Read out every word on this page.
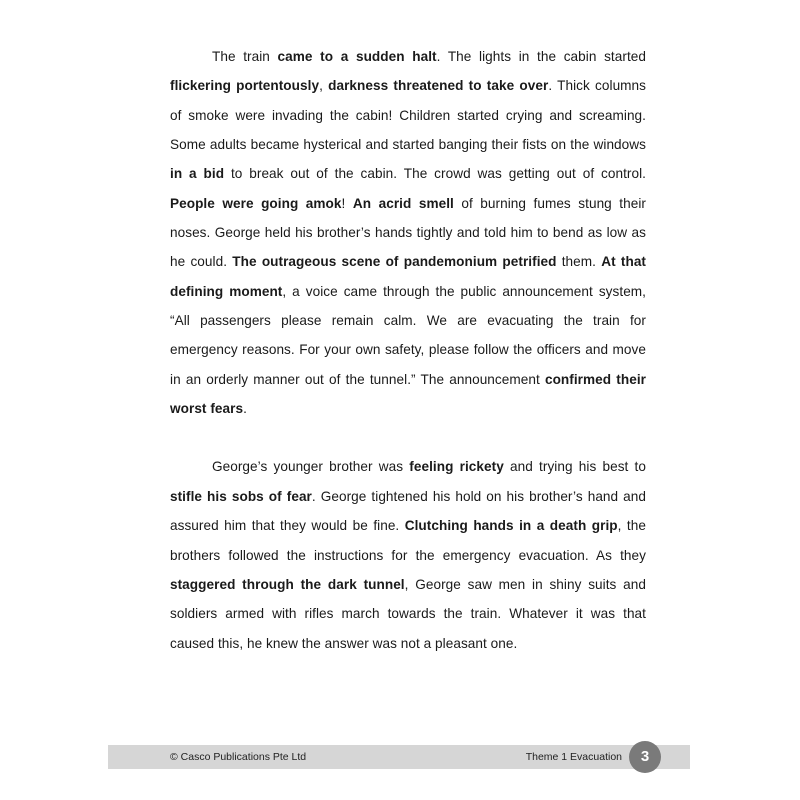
The train came to a sudden halt. The lights in the cabin started flickering portentously, darkness threatened to take over. Thick columns of smoke were invading the cabin! Children started crying and screaming. Some adults became hysterical and started banging their fists on the windows in a bid to break out of the cabin. The crowd was getting out of control. People were going amok! An acrid smell of burning fumes stung their noses. George held his brother’s hands tightly and told him to bend as low as he could. The outrageous scene of pandemonium petrified them. At that defining moment, a voice came through the public announcement system, “All passengers please remain calm. We are evacuating the train for emergency reasons. For your own safety, please follow the officers and move in an orderly manner out of the tunnel.” The announcement confirmed their worst fears.

George’s younger brother was feeling rickety and trying his best to stifle his sobs of fear. George tightened his hold on his brother’s hand and assured him that they would be fine. Clutching hands in a death grip, the brothers followed the instructions for the emergency evacuation. As they staggered through the dark tunnel, George saw men in shiny suits and soldiers armed with rifles march towards the train. Whatever it was that caused this, he knew the answer was not a pleasant one.

© Casco Publications Pte Ltd	Theme 1 Evacuation	3
